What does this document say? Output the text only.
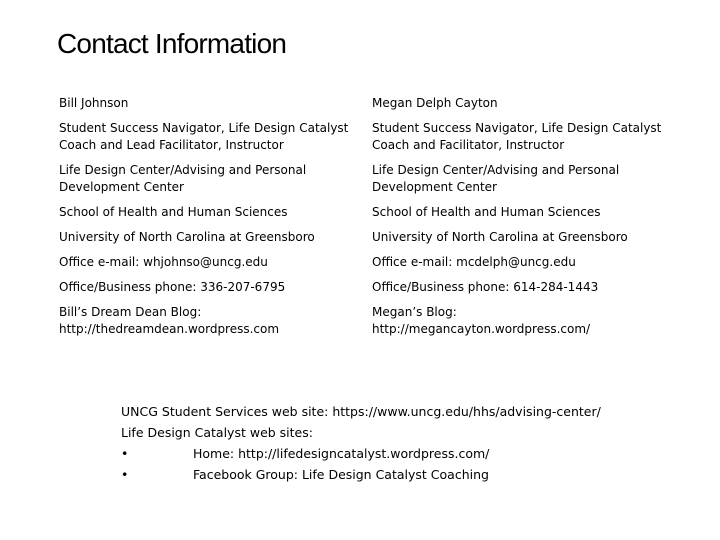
Contact Information

Bill Johnson

Student Success Navigator, Life Design Catalyst Coach and Lead Facilitator, Instructor

Life Design Center/Advising and Personal Development Center

School of Health and Human Sciences

University of North Carolina at Greensboro

Office e-mail: whjohnso@uncg.edu

Office/Business phone: 336-207-6795

Bill’s Dream Dean Blog:

http://thedreamdean.wordpress.com

Megan Delph Cayton

Student Success Navigator, Life Design Catalyst Coach and Facilitator, Instructor

Life Design Center/Advising and Personal Development Center

School of Health and Human Sciences

University of North Carolina at Greensboro

Office e-mail: mcdelph@uncg.edu

Office/Business phone: 614-284-1443

Megan’s Blog:

http://megancayton.wordpress.com/

UNCG Student Services web site: https://www.uncg.edu/hhs/advising-center/
Life Design Catalyst web sites:
•	Home: http://lifedesigncatalyst.wordpress.com/
•	Facebook Group: Life Design Catalyst Coaching
